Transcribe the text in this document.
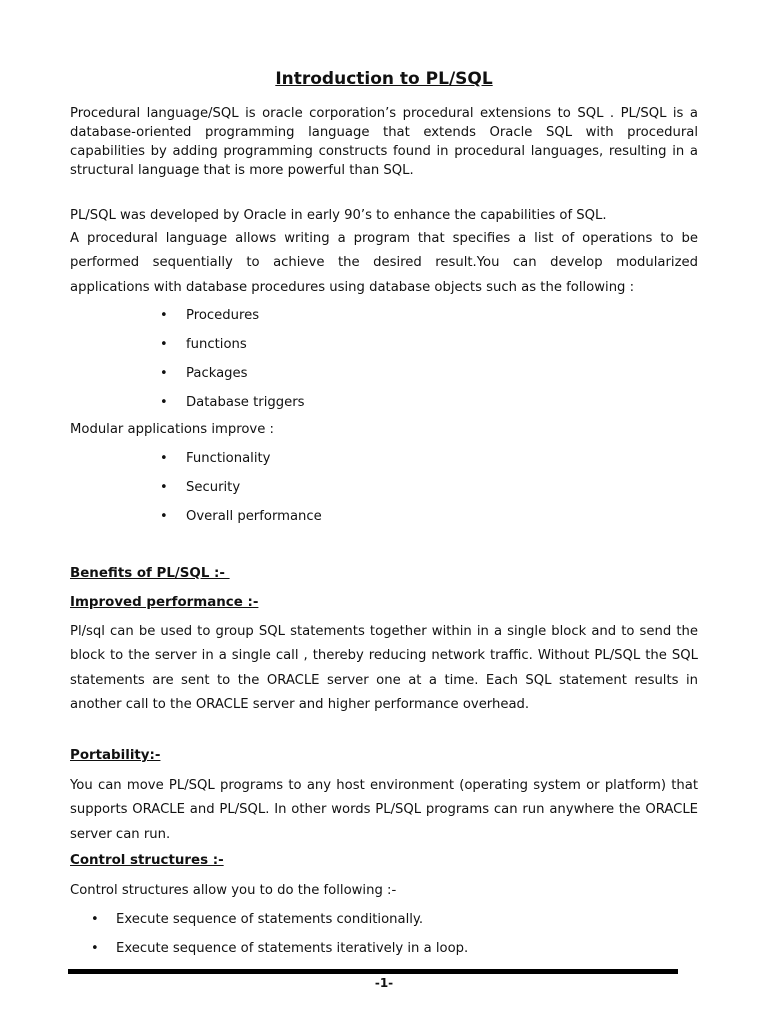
Introduction to PL/SQL
Procedural language/SQL is oracle corporation’s procedural extensions to SQL . PL/SQL is a database-oriented programming language that extends Oracle SQL with procedural capabilities by adding programming constructs found in procedural languages, resulting in a structural language that is more powerful than SQL.
PL/SQL was developed by Oracle in early 90’s to enhance the capabilities of SQL.
A procedural language allows writing a program that specifies a list of operations to be performed sequentially to achieve the desired result.You can develop modularized applications with database procedures using database objects such as the following :
• Procedures
• functions
• Packages
• Database triggers
Modular applications improve :
• Functionality
• Security
• Overall performance
Benefits of PL/SQL :-
Improved performance :-
Pl/sql can be used to group SQL statements together within in a single block and to send the block to the server in a single call , thereby reducing network traffic. Without PL/SQL the SQL statements are sent to the ORACLE server one at a time. Each SQL statement results in another call to the ORACLE server and higher performance overhead.
Portability:-
You can move PL/SQL programs to any host environment (operating system or platform) that supports ORACLE and PL/SQL. In other words PL/SQL programs can run anywhere the ORACLE server can run.
Control structures :-
Control structures allow you to do the following :-
• Execute sequence of statements conditionally.
• Execute sequence of statements iteratively in a loop.
-1-
